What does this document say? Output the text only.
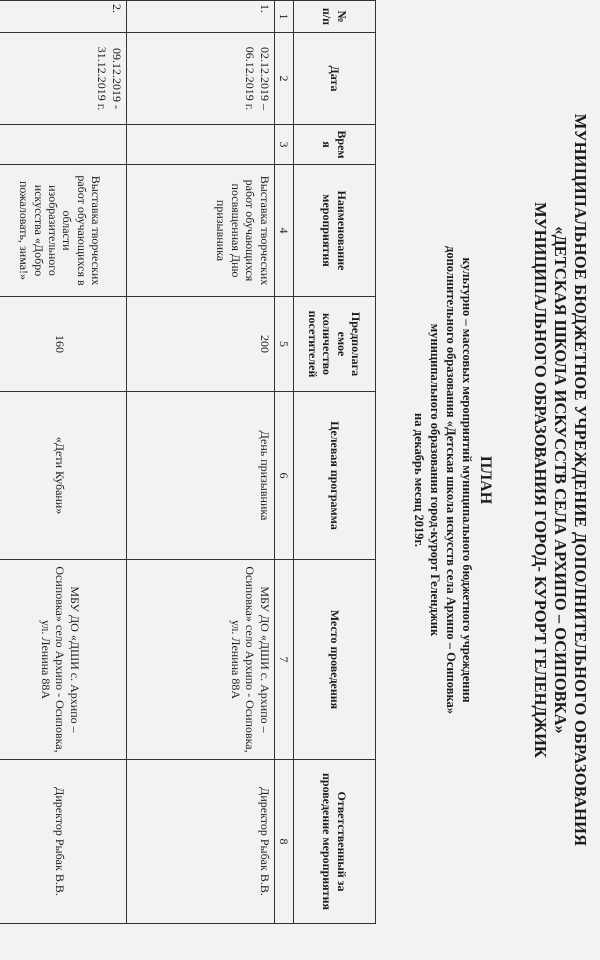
МУНИЦИПАЛЬНОЕ БЮДЖЕТНОЕ УЧРЕЖДЕНИЕ ДОПОЛНИТЕЛЬНОГО ОБРАЗОВАНИЯ
«ДЕТСКАЯ ШКОЛА ИСКУССТВ СЕЛА АРХИПО – ОСИПОВКА»
МУНИЦИПАЛЬНОГО ОБРАЗОВАНИЯ ГОРОД- КУРОРТ ГЕЛЕНДЖИК
ПЛАН
культурно – массовых мероприятий муниципального бюджетного учреждения
дополнительного образования «Детская школа искусств села Архипо – Осиповка»
муниципального образования город-курорт Геленджик
на декабрь месяц 2019г.
№ п/п	Дата	Врем я	Наименование мероприятия	Предполага емое количество посетителей	Целевая программа	Место проведения	Ответственный за проведение мероприятия
1	2	3	4	5	6	7	8
1.	02.12.2019 – 06.12.2019 г.		Выставка творческих работ обучающихся посвященная Дню призывника	200	День призывника	МБУ ДО «ДШИ с. Архипо –Осиповка» село Архипо - Осиповка, ул. Ленина 88А	Директор Рыбак В.В.
2.	09.12.2019 - 31.12.2019 г.		Выставка творческих работ обучающихся в области изобразительного искусства «Добро пожаловать, зима!»	160	«Дети Кубани»	МБУ ДО «ДШИ с. Архипо –Осиповка» село Архипо - Осиповка, ул. Ленина 88А	Директор Рыбак В.В.
